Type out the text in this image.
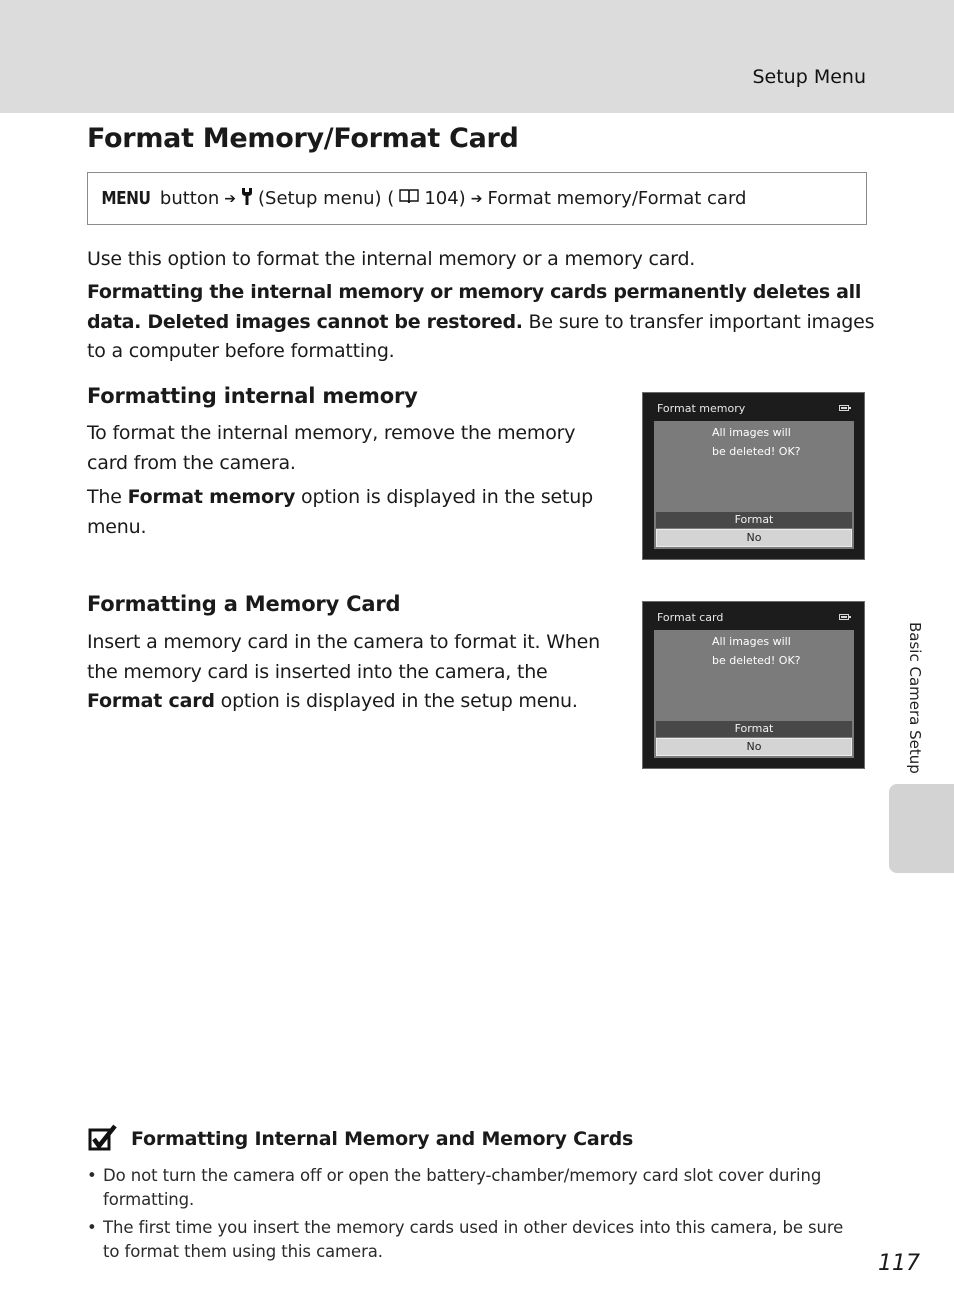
Setup Menu
Format Memory/Format Card
MENU button ➔ (Setup menu) ( 104) ➔ Format memory/Format card

Use this option to format the internal memory or a memory card.

Formatting the internal memory or memory cards permanently deletes all data. Deleted images cannot be restored. Be sure to transfer important images to a computer before formatting.

Formatting internal memory

To format the internal memory, remove the memory card from the camera.

The Format memory option is displayed in the setup menu.

Format memory
All images will
be deleted! OK?
Format
No
Formatting a Memory Card

Insert a memory card in the camera to format it. When the memory card is inserted into the camera, the Format card option is displayed in the setup menu.

Format card
All images will
be deleted! OK?
Format
No	Basic Camera Setup
Formatting Internal Memory and Memory Cards
• Do not turn the camera off or open the battery-chamber/memory card slot cover during formatting.
• The first time you insert the memory cards used in other devices into this camera, be sure to format them using this camera.	117
